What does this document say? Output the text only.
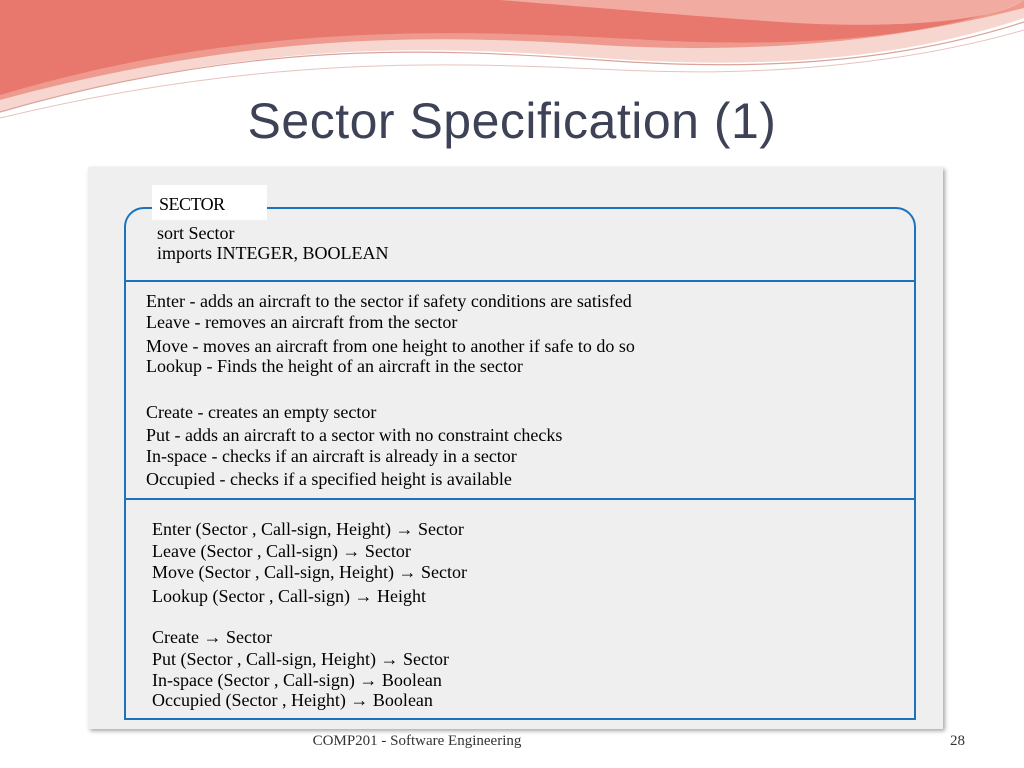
Sector Specification (1)
SECTOR
sort Sector
imports INTEGER, BOOLEAN
Enter - adds an aircraft to the sector if safety conditions are satisfed
Leave - removes an aircraft from the sector
Move - moves an aircraft from one height to another if safe to do so
Lookup - Finds the height of an aircraft in the sector
Create - creates an empty sector
Put - adds an aircraft to a sector with no constraint checks
In-space - checks if an aircraft is already in a sector
Occupied - checks if a specified height is available
Enter (Sector , Call-sign, Height) → Sector
Leave (Sector , Call-sign) → Sector
Move (Sector , Call-sign, Height) → Sector
Lookup (Sector , Call-sign) → Height
Create → Sector
Put (Sector , Call-sign, Height) → Sector
In-space (Sector , Call-sign) → Boolean
Occupied (Sector , Height) → Boolean
COMP201 - Software Engineering	28
